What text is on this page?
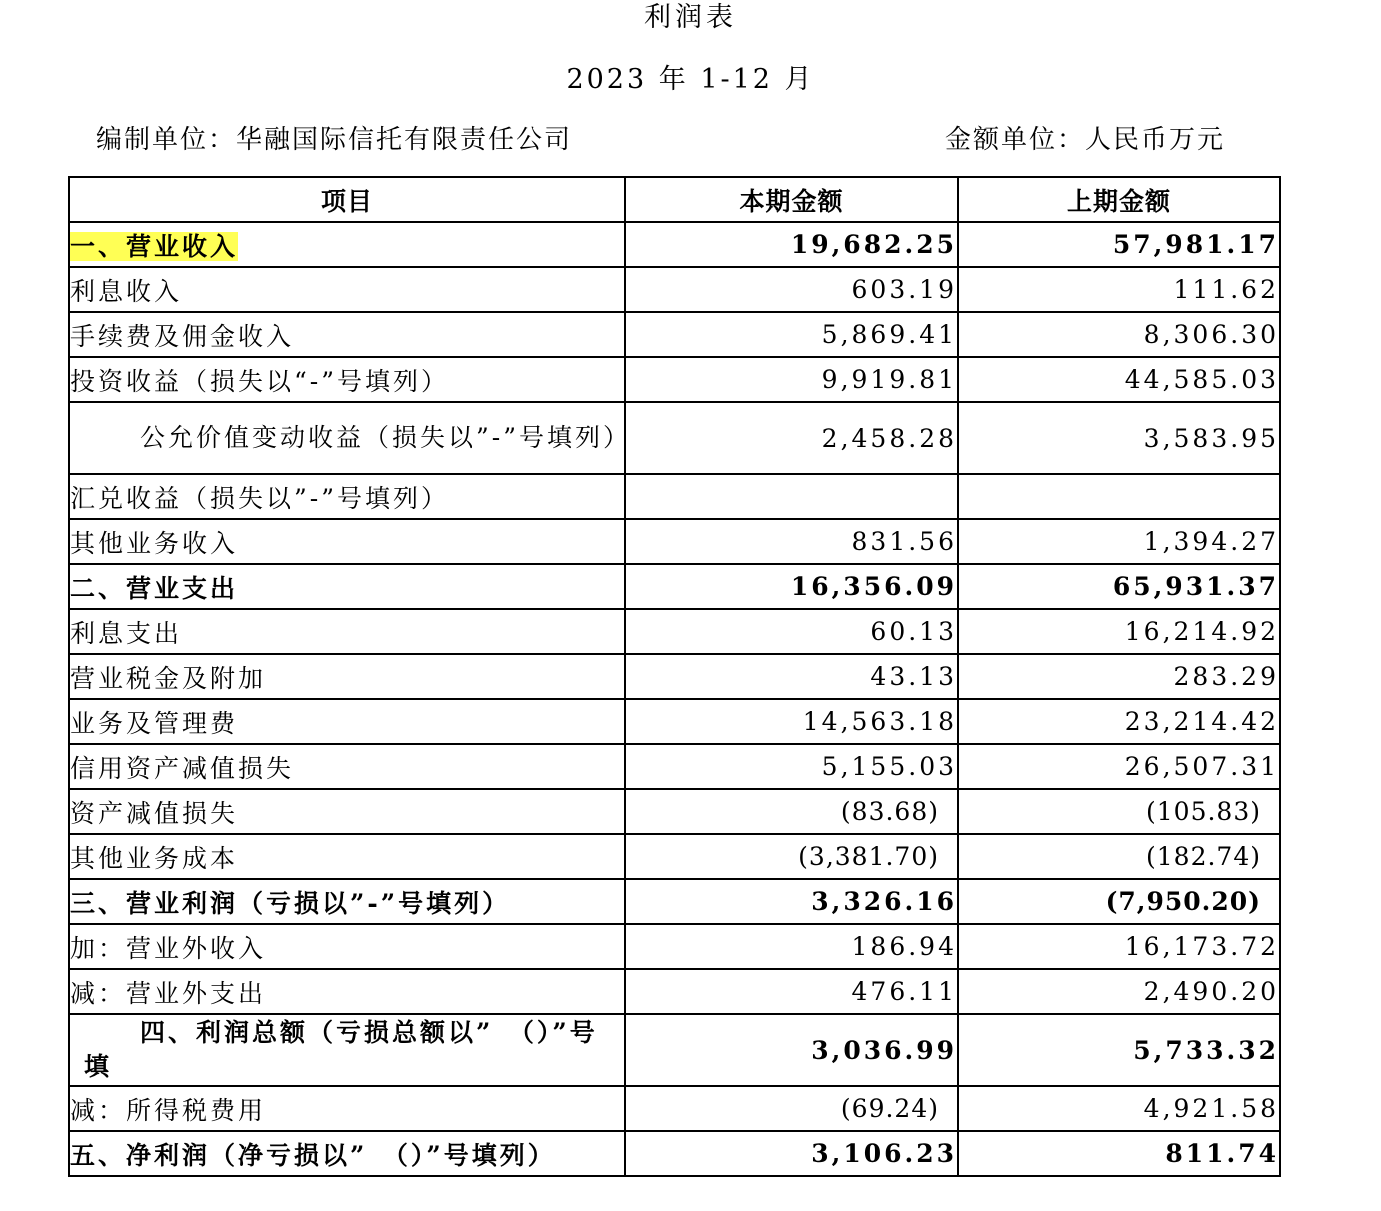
利润表
2023 年 1-12 月
编制单位：华融国际信托有限责任公司	金额单位：人民币万元
项目	本期金额	上期金额
一、营业收入	19,682.25	57,981.17
利息收入	603.19	111.62
手续费及佣金收入	5,869.41	8,306.30
投资收益（损失以“-”号填列）	9,919.81	44,585.03
公允价值变动收益（损失以”-”号填列）	2,458.28	3,583.95
汇兑收益（损失以”-”号填列）		
其他业务收入	831.56	1,394.27
二、营业支出	16,356.09	65,931.37
利息支出	60.13	16,214.92
营业税金及附加	43.13	283.29
业务及管理费	14,563.18	23,214.42
信用资产减值损失	5,155.03	26,507.31
资产减值损失	(83.68)	(105.83)
其他业务成本	(3,381.70)	(182.74)
三、营业利润（亏损以”-”号填列）	3,326.16	(7,950.20)
加：营业外收入	186.94	16,173.72
减：营业外支出	476.11	2,490.20
四、利润总额（亏损总额以”　（）”号填	3,036.99	5,733.32
减：所得税费用	(69.24)	4,921.58
五、净利润（净亏损以”　（）”号填列）	3,106.23	811.74
